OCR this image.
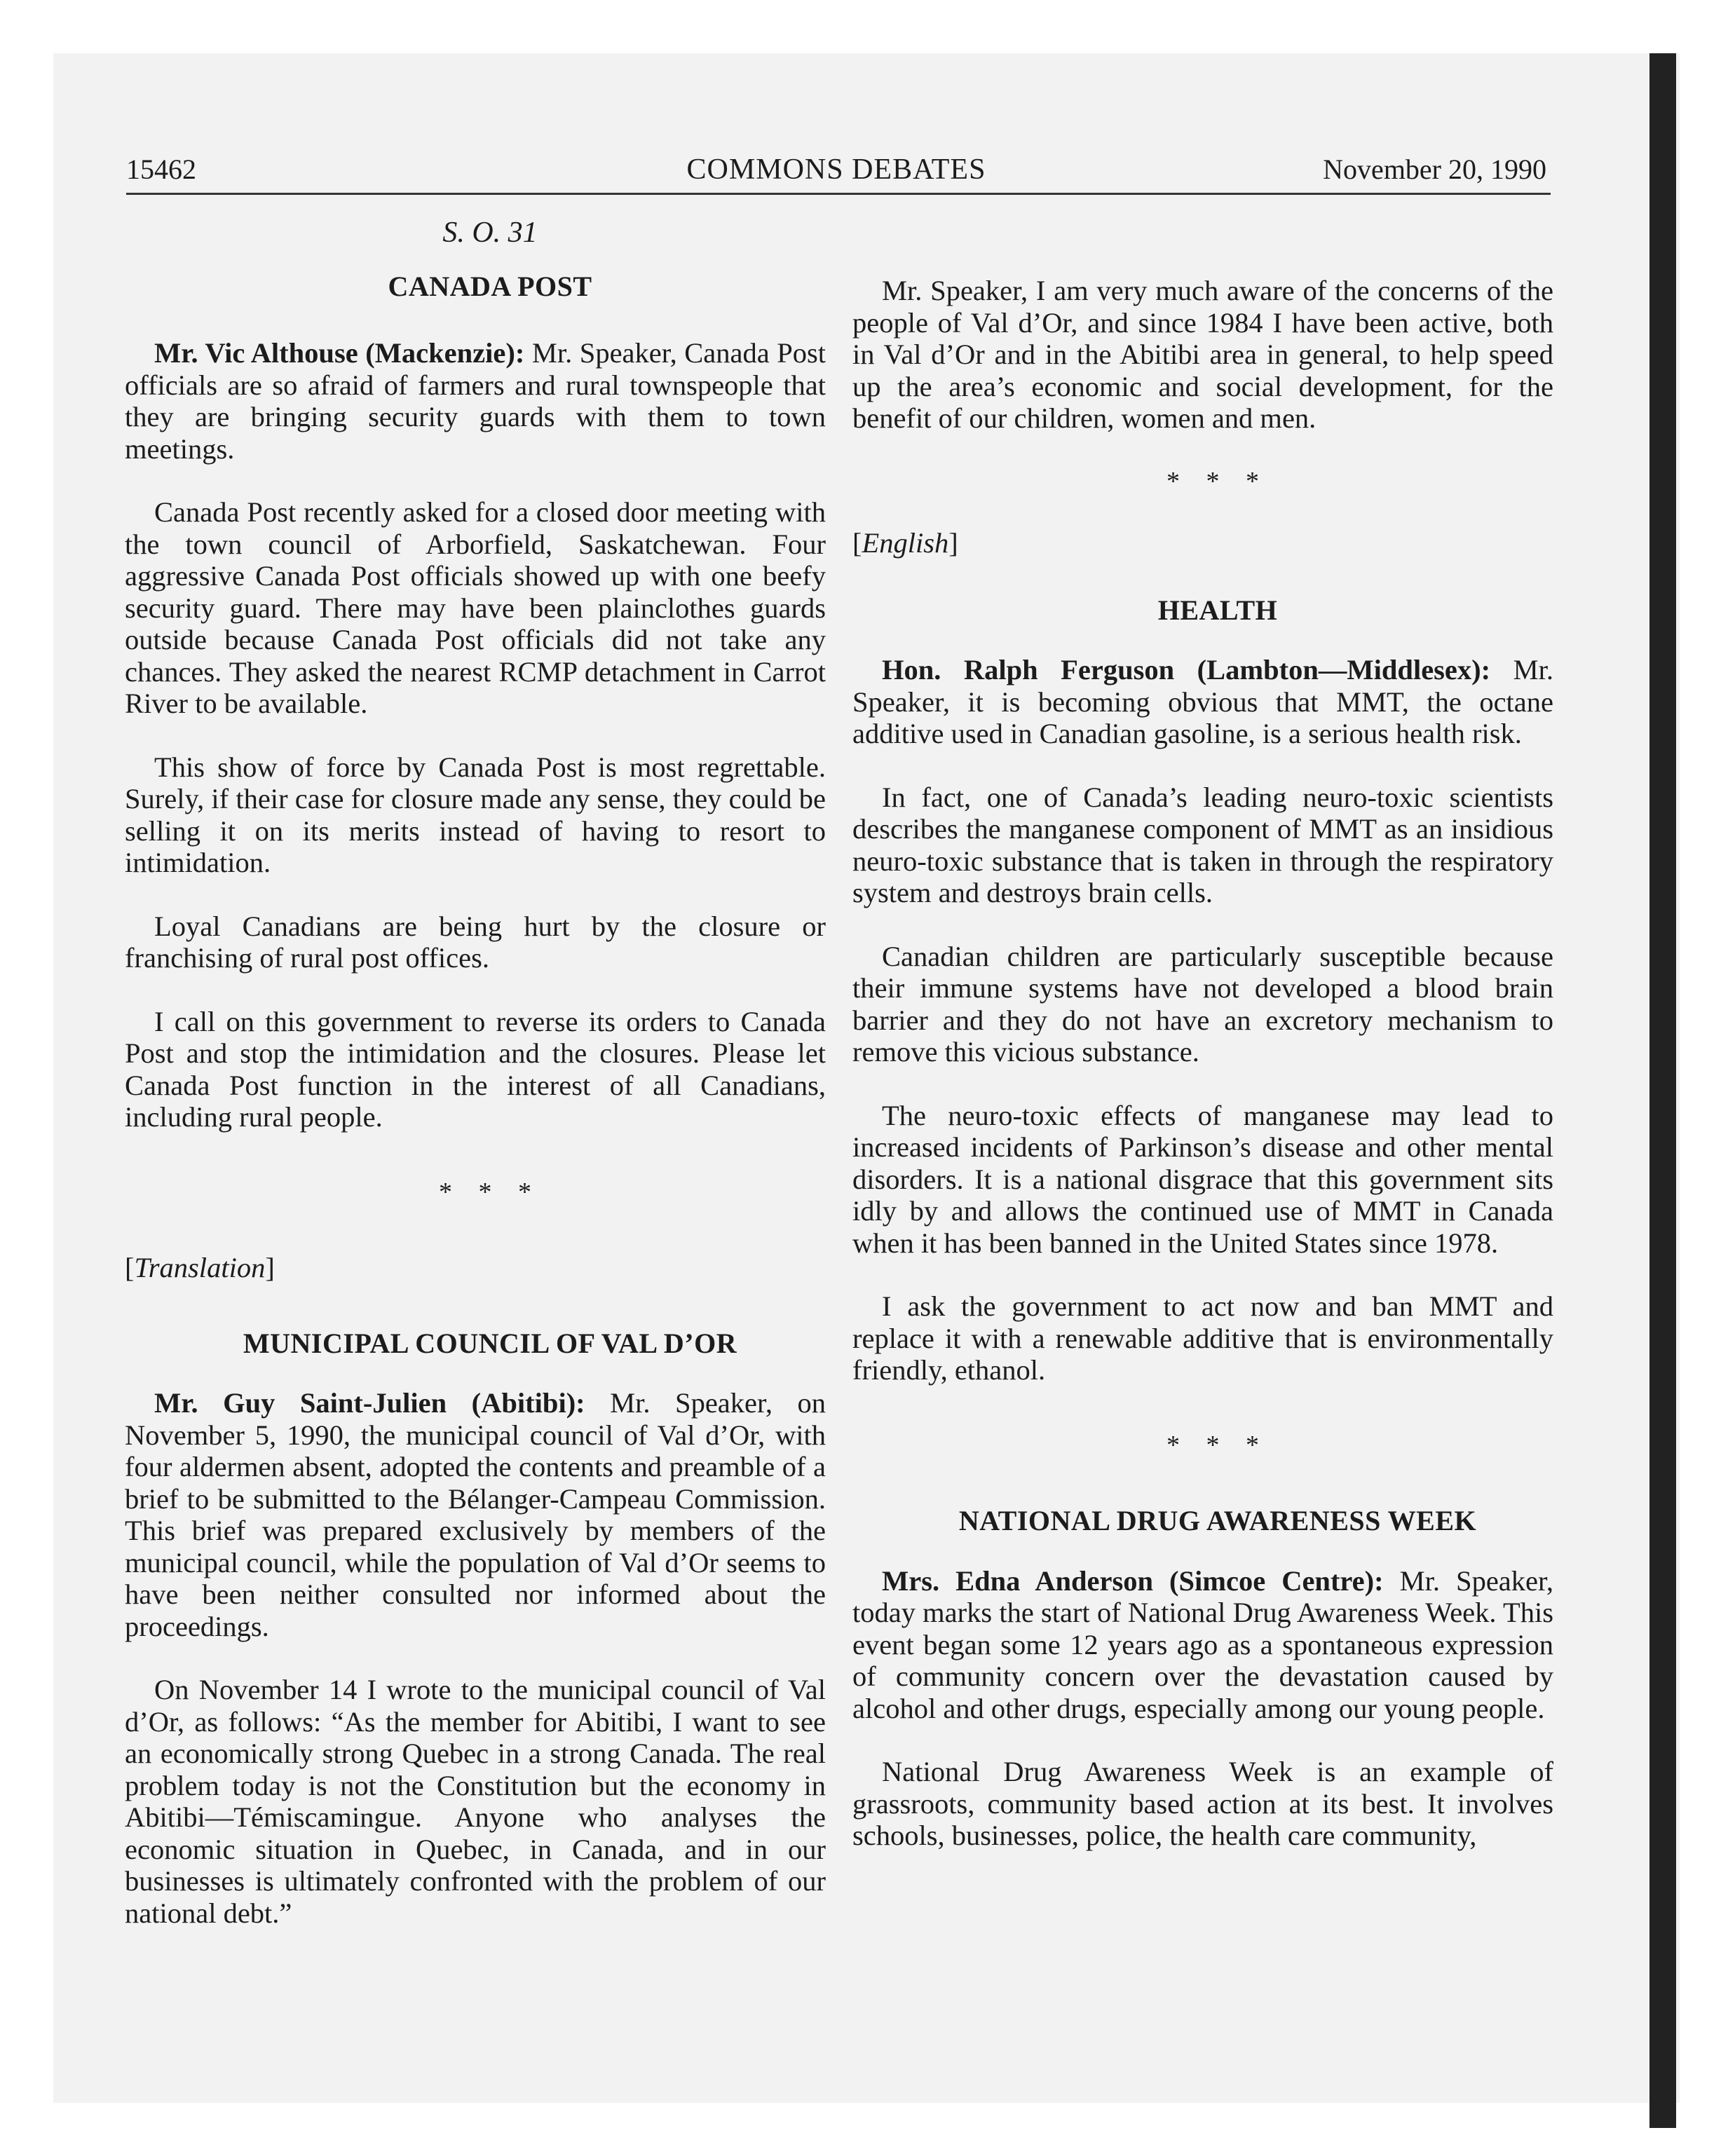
15462	COMMONS DEBATES	November 20, 1990

S. O. 31

CANADA POST

Mr. Vic Althouse (Mackenzie): Mr. Speaker, Canada Post officials are so afraid of farmers and rural townspeople that they are bringing security guards with them to town meetings.

Canada Post recently asked for a closed door meeting with the town council of Arborfield, Saskatchewan. Four aggressive Canada Post officials showed up with one beefy security guard. There may have been plainclothes guards outside because Canada Post officials did not take any chances. They asked the nearest RCMP detachment in Carrot River to be available.

This show of force by Canada Post is most regrettable. Surely, if their case for closure made any sense, they could be selling it on its merits instead of having to resort to intimidation.

Loyal Canadians are being hurt by the closure or franchising of rural post offices.

I call on this government to reverse its orders to Canada Post and stop the intimidation and the closures. Please let Canada Post function in the interest of all Canadians, including rural people.

* * *

[Translation]

MUNICIPAL COUNCIL OF VAL D’OR

Mr. Guy Saint-Julien (Abitibi): Mr. Speaker, on November 5, 1990, the municipal council of Val d’Or, with four aldermen absent, adopted the contents and preamble of a brief to be submitted to the Bélanger-Campeau Commission. This brief was prepared exclusively by members of the municipal council, while the population of Val d’Or seems to have been neither consulted nor informed about the proceedings.

On November 14 I wrote to the municipal council of Val d’Or, as follows: “As the member for Abitibi, I want to see an economically strong Quebec in a strong Canada. The real problem today is not the Constitution but the economy in Abitibi—Témiscamingue. Anyone who analyses the economic situation in Quebec, in Canada, and in our businesses is ultimately confronted with the problem of our national debt.”

Mr. Speaker, I am very much aware of the concerns of the people of Val d’Or, and since 1984 I have been active, both in Val d’Or and in the Abitibi area in general, to help speed up the area’s economic and social development, for the benefit of our children, women and men.

* * *

[English]

HEALTH

Hon. Ralph Ferguson (Lambton—Middlesex): Mr. Speaker, it is becoming obvious that MMT, the octane additive used in Canadian gasoline, is a serious health risk.

In fact, one of Canada’s leading neuro-toxic scientists describes the manganese component of MMT as an insidious neuro-toxic substance that is taken in through the respiratory system and destroys brain cells.

Canadian children are particularly susceptible because their immune systems have not developed a blood brain barrier and they do not have an excretory mechanism to remove this vicious substance.

The neuro-toxic effects of manganese may lead to increased incidents of Parkinson’s disease and other mental disorders. It is a national disgrace that this government sits idly by and allows the continued use of MMT in Canada when it has been banned in the United States since 1978.

I ask the government to act now and ban MMT and replace it with a renewable additive that is environmentally friendly, ethanol.

* * *

NATIONAL DRUG AWARENESS WEEK

Mrs. Edna Anderson (Simcoe Centre): Mr. Speaker, today marks the start of National Drug Awareness Week. This event began some 12 years ago as a spontaneous expression of community concern over the devastation caused by alcohol and other drugs, especially among our young people.

National Drug Awareness Week is an example of grassroots, community based action at its best. It involves schools, businesses, police, the health care community,
